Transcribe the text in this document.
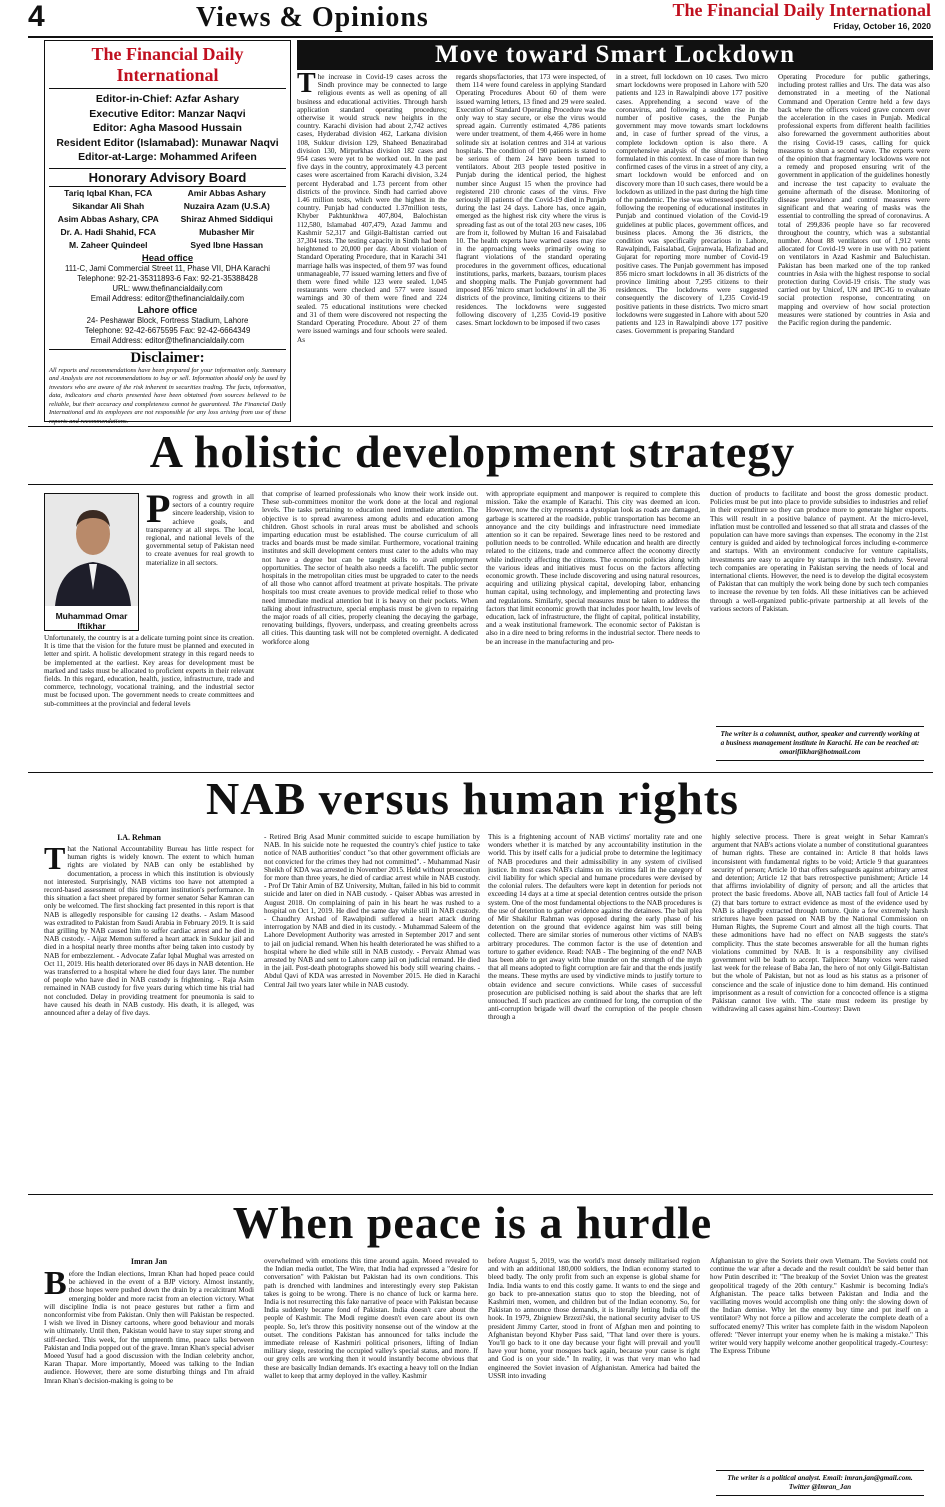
4	Views & Opinions	The Financial Daily International
Friday, October 16, 2020
The Financial Daily International
Editor-in-Chief: Azfar Ashary
Executive Editor: Manzar Naqvi
Editor: Agha Masood Hussain
Resident Editor (Islamabad): Munawar Naqvi
Editor-at-Large: Mohammed Arifeen
Honorary Advisory Board
Tariq Iqbal Khan, FCA	Amir Abbas Ashary
Sikandar Ali Shah	Nuzaira Azam (U.S.A)
Asim Abbas Ashary, CPA	Shiraz Ahmed Siddiqui
Dr. A. Hadi Shahid, FCA	Mubasher Mir
M. Zaheer Quindeel	Syed Ibne Hassan
Head office
111-C, Jami Commercial Street 11, Phase VII, DHA Karachi
Telephone: 92-21-35311893-6 Fax: 92-21-35388428
URL: www.thefinancialdaily.com
Email Address: editor@thefinancialdaily.com
Lahore office
24- Peshawar Block, Fortress Stadium, Lahore
Telephone: 92-42-6675595 Fax: 92-42-6664349
Email Address: editor@thefinancialdaily.com
Disclaimer:
All reports and recommendations have been prepared for your information only. Summary and Analysis are not recommendations to buy or sell. Information should only be used by investors who are aware of the risk inherent in securities trading. The facts, information, data, indicators and charts presented have been obtained from sources believed to be reliable, but their accuracy and completeness cannot be guaranteed. The Financial Daily International and its employees are not responsible for any loss arising from use of these reports and recommendations.
Move toward Smart Lockdown
The increase in Covid-19 cases across the Sindh province may be connected to large religious events as well as opening of all business and educational activities. Through harsh application standard operating procedures; otherwise it would struck new heights in the country. Karachi division had about 2,742 actives cases, Hyderabad division 462, Larkana division 108, Sukkur division 129, Shaheed Benazirabad division 130, Mirpurkhas division 182 cases and 954 cases were yet to be worked out. In the past five days in the country, approximately 4.3 percent cases were ascertained from Karachi division, 3.24 percent Hyderabad and 1.73 percent from other districts of the province. Sindh had carried above 1.46 million tests, which were the highest in the country. Punjab had conducted 1.37million tests, Khyber Pakhtunkhwa 407,804, Balochistan 112,580, Islamabad 407,479, Azad Jammu and Kashmir 52,317 and Gilgit-Baltistan carried out 37,304 tests. The testing capacity in Sindh had been heightened to 20,000 per day. About violation of Standard Operating Procedure, that in Karachi 341 marriage halls was inspected, of them 97 was found unmanageable, 77 issued warning letters and five of them were fined while 123 were sealed. 1,045 restaurants were checked and 577 were issued warnings and 30 of them were fined and 224 sealed. 75 educational institutions were checked and 31 of them were discovered not respecting the Standard Operating Procedure. About 27 of them were issued warnings and four schools were sealed. As
regards shops/factories, that 173 were inspected, of them 114 were found careless in applying Standard Operating Procedures About 60 of them were issued warning letters, 13 fined and 29 were sealed. Execution of Standard Operating Procedure was the only way to stay secure, or else the virus would spread again. Currently estimated 4,786 patients were under treatment, of them 4,466 were in home solitude six at isolation centres and 314 at various hospitals. The condition of 190 patients is stated to be serious of them 24 have been turned to ventilators. About 203 people tested positive in Punjab during the identical period, the highest number since August 15 when the province had registered 210 chronic cases of the virus. Five seriously ill patients of the Covid-19 died in Punjab during the last 24 days. Lahore has, once again, emerged as the highest risk city where the virus is spreading fast as out of the total 203 new cases, 106 are from it, followed by Multan 16 and Faisalabad 10. The health experts have warned cases may rise in the approaching weeks primarily owing to flagrant violations of the standard operating procedures in the government offices, educational institutions, parks, markets, bazaars, tourism places and shopping malls. The Punjab government had imposed 856 'micro smart lockdowns' in all the 36 districts of the province, limiting citizens to their residences. The lockdowns were suggested following discovery of 1,235 Covid-19 positive cases. Smart lockdown to be imposed if two cases
in a street, full lockdown on 10 cases. Two micro smart lockdowns were proposed in Lahore with 520 patients and 123 in Rawalpindi above 177 positive cases. Apprehending a second wave of the coronavirus, and following a sudden rise in the number of positive cases, the the Punjab government may move towards smart lockdowns and, in case of further spread of the virus, a complete lockdown option is also there. A comprehensive analysis of the situation is being formulated in this context. In case of more than two confirmed cases of the virus in a street of any city, a smart lockdown would be enforced and on discovery more than 10 such cases, there would be a lockdown as utilized in the past during the high time of the pandemic. The rise was witnessed specifically following the reopening of educational institutes in Punjab and continued violation of the Covid-19 guidelines at public places, government offices, and business places. Among the 36 districts, the condition was specifically precarious in Lahore, Rawalpindi, Faisalabad, Gujranwala, Hafizabad and Gujarat for reporting more number of Covid-19 positive cases. The Punjab government has imposed 856 micro smart lockdowns in all 36 districts of the province limiting about 7,295 citizens to their residences. The lockdowns were suggested consequently the discovery of 1,235 Covid-19 positive patients in these districts. Two micro smart lockdowns were suggested in Lahore with about 520 patients and 123 in Rawalpindi above 177 positive cases. Government is preparing Standard
Operating Procedure for public gatherings, including protest rallies and Urs. The data was also demonstrated in a meeting of the National Command and Operation Centre held a few days back where the officers voiced grave concern over the acceleration in the cases in Punjab. Medical professional experts from different health facilities also forewarned the government authorities about the rising Covid-19 cases, calling for quick measures to shun a second wave. The experts were of the opinion that fragmentary lockdowns were not a remedy and proposed ensuring writ of the government in application of the guidelines honestly and increase the test capacity to evaluate the genuine aftermath of the disease. Monitoring of disease prevalence and control measures were significant and that wearing of masks was the essential to controlling the spread of coronavirus. A total of 299,836 people have so far recovered throughout the country, which was a substantial number. About 88 ventilators out of 1,912 vents allocated for Covid-19 were in use with no patient on ventilators in Azad Kashmir and Baluchistan. Pakistan has been marked one of the top ranked countries in Asia with the highest response to social protection during Covid-19 crisis. The study was carried out by Unicef, UN and IPC-IG to evaluate social protection response, concentrating on mapping and overview of how social protection measures were stationed by countries in Asia and the Pacific region during the pandemic.
A holistic development strategy
Muhammad Omar Iftikhar
Progress and growth in all sectors of a country require sincere leadership, vision to achieve goals, and transparency at all steps. The local, regional, and national levels of the governmental setup of Pakistan need to create avenues for real growth to materialize in all sectors.
Unfortunately, the country is at a delicate turning point since its creation. It is time that the vision for the future must be planned and executed in letter and spirit. A holistic development strategy in this regard needs to be implemented at the earliest. Key areas for development must be marked and tasks must be allocated to proficient experts in their relevant fields. In this regard, education, health, justice, infrastructure, trade and commerce, technology, vocational training, and the industrial sector must be focused upon. The government needs to create committees and sub-committees at the provincial and federal levels
that comprise of learned professionals who know their work inside out. These sub-committees monitor the work done at the local and regional levels. The tasks pertaining to education need immediate attention. The objective is to spread awareness among adults and education among children. Ghost schools in rural areas must be abolished and schools imparting education must be established. The course curriculum of all tracks and boards must be made similar. Furthermore, vocational training institutes and skill development centers must cater to the adults who may not have a degree but can be taught skills to avail employment opportunities. The sector of health also needs a facelift. The public sector hospitals in the metropolitan cities must be upgraded to cater to the needs of all those who cannot afford treatment at private hospitals. The private hospitals too must create avenues to provide medical relief to those who need immediate medical attention but it is heavy on their pockets. When talking about infrastructure, special emphasis must be given to repairing the major roads of all cities, properly cleaning the decaying the garbage, renovating buildings, flyovers, underpass, and creating greenbelts across all cities. This daunting task will not be completed overnight. A dedicated workforce along
with appropriate equipment and manpower is required to complete this mission. Take the example of Karachi. This city was deemed an icon. However, now the city represents a dystopian look as roads are damaged, garbage is scattered at the roadside, public transportation has become an annoyance and the city buildings and infrastructure need immediate attention so it can be repaired. Sewerage lines need to be restored and pollution needs to be controlled. While education and health are directly related to the citizens, trade and commerce affect the economy directly while indirectly affecting the citizens. The economic policies along with the various ideas and initiatives must focus on the factors affecting economic growth. These include discovering and using natural resources, acquiring and utilizing physical capital, developing labor, enhancing human capital, using technology, and implementing and protecting laws and regulations. Similarly, special measures must be taken to address the factors that limit economic growth that includes poor health, low levels of education, lack of infrastructure, the flight of capital, political instability, and a weak institutional framework. The economic sector of Pakistan is also in a dire need to bring reforms in the industrial sector. There needs to be an increase in the manufacturing and pro-
duction of products to facilitate and boost the gross domestic product. Policies must be put into place to provide subsidies to industries and relief in their expenditure so they can produce more to generate higher exports. This will result in a positive balance of payment. At the micro-level, inflation must be controlled and lessened so that all strata and classes of the population can have more savings than expenses. The economy in the 21st century is guided and aided by technological forces including e-commerce and startups. With an environment conducive for venture capitalists, investments are easy to acquire by startups in the tech industry. Several tech companies are operating in Pakistan serving the needs of local and international clients. However, the need is to develop the digital ecosystem of Pakistan that can multiply the work being done by such tech companies to increase the revenue by ten folds. All these initiatives can be achieved through a well-organized public-private partnership at all levels of the various sectors of Pakistan.
The writer is a columnist, author, speaker and currently working at a business management institute in Karachi. He can be reached at: omarifiikhar@hotmail.com
NAB versus human rights
I.A. Rehman
That the National Accountability Bureau has little respect for human rights is widely known. The extent to which human rights are violated by NAB can only be established by documentation, a process in which this institution is obviously not interested. Surprisingly, NAB victims too have not attempted a record-based assessment of this important institution's performance. In this situation a fact sheet prepared by former senator Sehar Kamran can only be welcomed. The first shocking fact presented in this report is that NAB is allegedly responsible for causing 12 deaths. - Aslam Masood was extradited to Pakistan from Saudi Arabia in February 2019. It is said that grilling by NAB caused him to suffer cardiac arrest and he died in NAB custody. - Aijaz Memon suffered a heart attack in Sukkur jail and died in a hospital nearly three months after being taken into custody by NAB for embezzlement. - Advocate Zafar Iqbal Mughal was arrested on Oct 11, 2019. His health deteriorated over 86 days in NAB detention. He was transferred to a hospital where he died four days later. The number of people who have died in NAB custody is frightening. - Raja Asim remained in NAB custody for five years during which time his trial had not concluded. Delay in providing treatment for pneumonia is said to have caused his death in NAB custody. His death, it is alleged, was announced after a delay of five days.
- Retired Brig Asad Munir committed suicide to escape humiliation by NAB. In his suicide note he requested the country's chief justice to take notice of NAB authorities' conduct "so that other government officials are not convicted for the crimes they had not committed". - Muhammad Nasir Sheikh of KDA was arrested in November 2015. Held without prosecution for more than three years, he died of cardiac arrest while in NAB custody. - Prof Dr Tahir Amin of BZ University, Multan, failed in his bid to commit suicide and later on died in NAB custody. - Qaiser Abbas was arrested in August 2018. On complaining of pain in his heart he was rushed to a hospital on Oct 1, 2019. He died the same day while still in NAB custody. - Chaudhry Arshad of Rawalpindi suffered a heart attack during interrogation by NAB and died in its custody. - Muhammad Saleem of the Lahore Development Authority was arrested in September 2017 and sent to jail on judicial remand. When his health deteriorated he was shifted to a hospital where he died while still in NAB custody. - Pervaiz Ahmad was arrested by NAB and sent to Lahore camp jail on judicial remand. He died in the jail. Post-death photographs showed his body still wearing chains. - Abdul Qavi of KDA was arrested in November 2015. He died in Karachi Central Jail two years later while in NAB custody.
This is a frightening account of NAB victims' mortality rate and one wonders whether it is matched by any accountability institution in the world. This by itself calls for a judicial probe to determine the legitimacy of NAB procedures and their admissibility in any system of civilised justice. In most cases NAB's claims on its victims fall in the category of civil liability for which special and humane procedures were devised by the colonial rulers. The defaulters were kept in detention for periods not exceeding 14 days at a time at special detention centres outside the prison system. One of the most fundamental objections to the NAB procedures is the use of detention to gather evidence against the detainees. The bail plea of Mir Shakilur Rahman was opposed during the early phase of his detention on the ground that evidence against him was still being collected. There are similar stories of numerous other victims of NAB's arbitrary procedures. The common factor is the use of detention and torture to gather evidence. Read: NAB - The beginning of the end? NAB has been able to get away with blue murder on the strength of the myth that all means adopted to fight corruption are fair and that the ends justify the means. These myths are used by vindictive minds to justify torture to obtain evidence and secure convictions. While cases of successful prosecution are publicised nothing is said about the sharks that are left untouched. If such practices are continued for long, the corruption of the anti-corruption brigade will dwarf the corruption of the people chosen through a
highly selective process. There is great weight in Sehar Kamran's argument that NAB's actions violate a number of constitutional guarantees of human rights. These are contained in: Article 8 that holds laws inconsistent with fundamental rights to be void; Article 9 that guarantees security of person; Article 10 that offers safeguards against arbitrary arrest and detention; Article 12 that bars retrospective punishment; Article 14 that affirms inviolability of dignity of person; and all the articles that protect the basic freedoms. Above all, NAB tactics fall foul of Article 14 (2) that bars torture to extract evidence as most of the evidence used by NAB is allegedly extracted through torture. Quite a few extremely harsh strictures have been passed on NAB by the National Commission on Human Rights, the Supreme Court and almost all the high courts. That these admonitions have had no effect on NAB suggests the state's complicity. Thus the state becomes answerable for all the human rights violations committed by NAB. It is a responsibility any civilised government will be loath to accept. Tailpiece: Many voices were raised last week for the release of Baba Jan, the hero of not only Gilgit-Baltistan but the whole of Pakistan, but not as loud as his status as a prisoner of conscience and the scale of injustice done to him demand. His continued imprisonment as a result of conviction for a concocted offence is a stigma Pakistan cannot live with. The state must redeem its prestige by withdrawing all cases against him.-Courtesy: Dawn
When peace is a hurdle
Imran Jan
Before the Indian elections, Imran Khan had hoped peace could be achieved in the event of a BJP victory. Almost instantly, those hopes were pushed down the drain by a recalcitrant Modi emerging bolder and more racist from an election victory. What will discipline India is not peace gestures but rather a firm and nonconformist vibe from Pakistan. Only then will Pakistan be respected. I wish we lived in Disney cartoons, where good behaviour and morals win ultimately. Until then, Pakistan would have to stay super strong and stiff-necked. This week, for the umpteenth time, peace talks between Pakistan and India popped out of the grave. Imran Khan's special adviser Moeed Yusuf had a good discussion with the Indian celebrity anchor, Karan Thapar. More importantly, Moeed was talking to the Indian audience. However, there are some disturbing things and I'm afraid Imran Khan's decision-making is going to be
overwhelmed with emotions this time around again. Moeed revealed to the Indian media outlet, The Wire, that India had expressed a "desire for conversation" with Pakistan but Pakistan had its own conditions. This path is drenched with landmines and interestingly every step Pakistan takes is going to be wrong. There is no chance of luck or karma here. India is not resurrecting this fake narrative of peace with Pakistan because India suddenly became fond of Pakistan. India doesn't care about the people of Kashmir. The Modi regime doesn't even care about its own people. So, let's throw this positivity nonsense out of the window at the outset. The conditions Pakistan has announced for talks include the immediate release of Kashmiri political prisoners, lifting of Indian military siege, restoring the occupied valley's special status, and more. If our grey cells are working then it would instantly become obvious that these are basically Indian demands. It's exacting a heavy toll on the Indian wallet to keep that army deployed in the valley. Kashmir
before August 5, 2019, was the world's most densely militarised region and with an additional 180,000 soldiers, the Indian economy started to bleed badly. The only profit from such an expense is global shame for India. India wants to end this costly game. It wants to end the siege and go back to pre-annexation status quo to stop the bleeding, not of Kashmiri men, women, and children but of the Indian economy. So, for Pakistan to announce those demands, it is literally letting India off the hook. In 1979, Zbigniew Brzezi?ski, the national security adviser to US president Jimmy Carter, stood in front of Afghan men and pointing to Afghanistan beyond Khyber Pass said, "That land over there is yours. You'll go back to it one day because your fight will prevail and you'll have your home, your mosques back again, because your cause is right and God is on your side." In reality, it was that very man who had engineered the Soviet invasion of Afghanistan. America had baited the USSR into invading
Afghanistan to give the Soviets their own Vietnam. The Soviets could not continue the war after a decade and the result couldn't be said better than how Putin described it: "The breakup of the Soviet Union was the greatest geopolitical tragedy of the 20th century." Kashmir is becoming India's Afghanistan. The peace talks between Pakistan and India and the vacillating moves would accomplish one thing only: the slowing down of the Indian demise. Why let the enemy buy time and put itself on a ventilator? Why not force a pillow and accelerate the complete death of a suffocated enemy? This writer has complete faith in the wisdom Napoleon offered: "Never interrupt your enemy when he is making a mistake." This writer would very happily welcome another geopolitical tragedy.-Courtesy: The Express Tribune
The writer is a political analyst. Email: imran.jan@gmail.com. Twitter @Imran_Jan
